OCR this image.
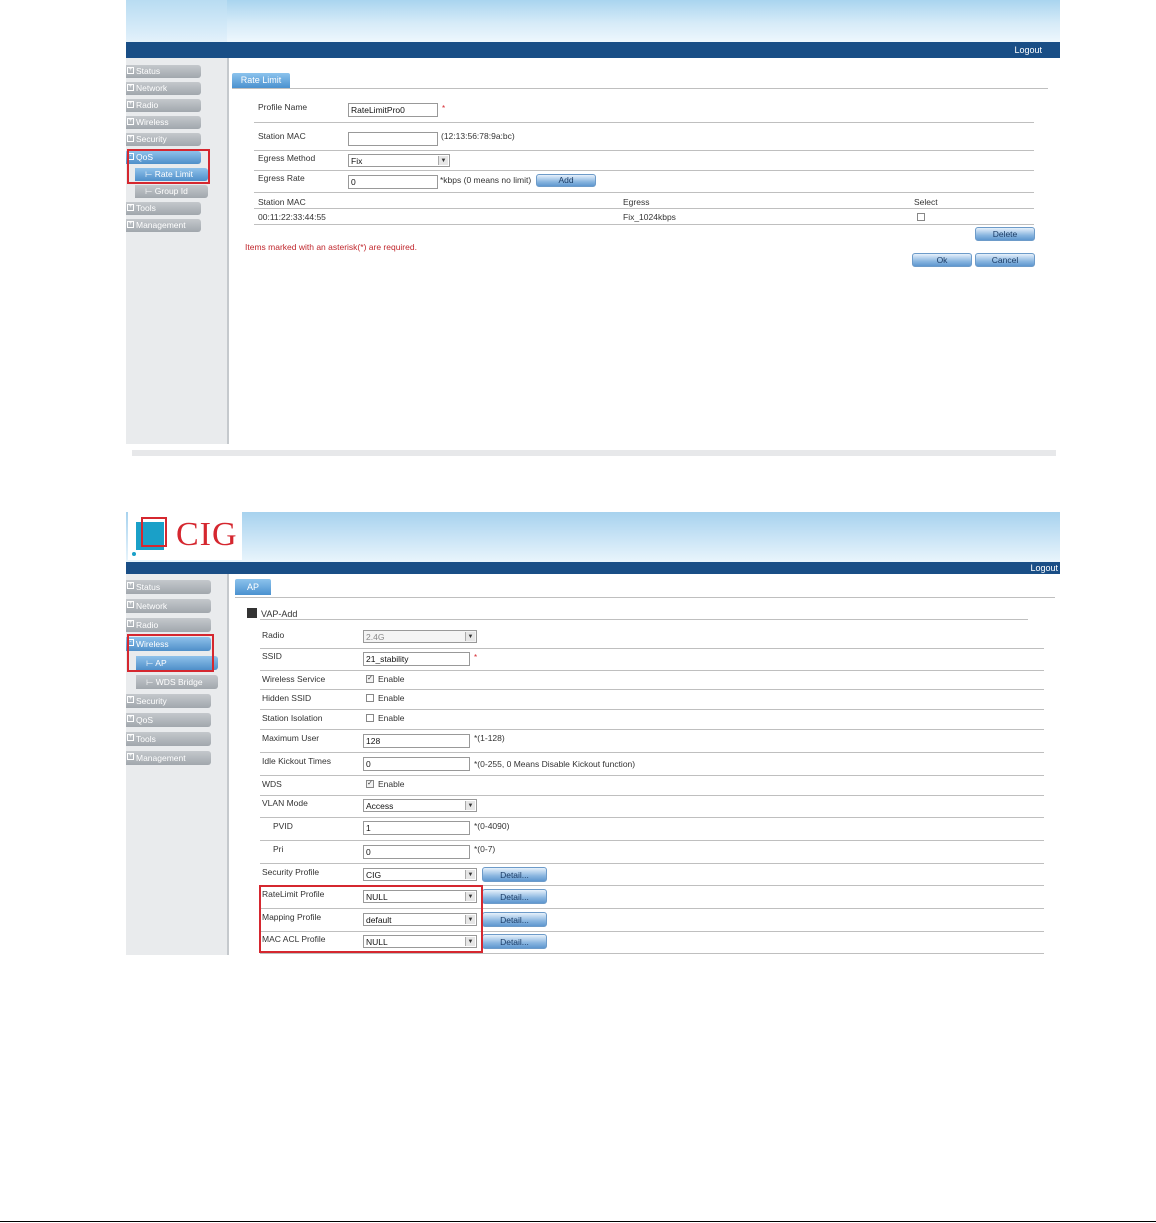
Logout
+ Status
+ Network
+ Radio
+ Wireless
+ Security
- QoS
⊢ Rate Limit
⊢ Group Id
+ Tools
+ Management
Rate Limit
Profile Name	RateLimitPro0	*
Station MAC	(12:13:56:78:9a:bc)
Egress Method	Fix	▼
Egress Rate	0	*kbps (0 means no limit)	Add
Station MAC	Egress	Select
00:11:22:33:44:55	Fix_1024kbps
Delete
Items marked with an asterisk(*) are required.
Ok	Cancel
CIG
Logout
+ Status
+ Network
+ Radio
- Wireless
⊢ AP
⊢ WDS Bridge
+ Security
+ QoS
+ Tools
+ Management
AP
VAP-Add
Radio	2.4G	▼
SSID	21_stability	*
Wireless Service	✓ Enable
Hidden SSID	Enable
Station Isolation	Enable
Maximum User	128	*(1-128)
Idle Kickout Times	0	*(0-255, 0 Means Disable Kickout function)
WDS	✓ Enable
VLAN Mode	Access	▼
PVID	1	*(0-4090)
Pri	0	*(0-7)
Security Profile	CIG	▼	Detail...
RateLimit Profile	NULL	▼	Detail...
Mapping Profile	default	▼	Detail...
MAC ACL Profile	NULL	▼	Detail...
